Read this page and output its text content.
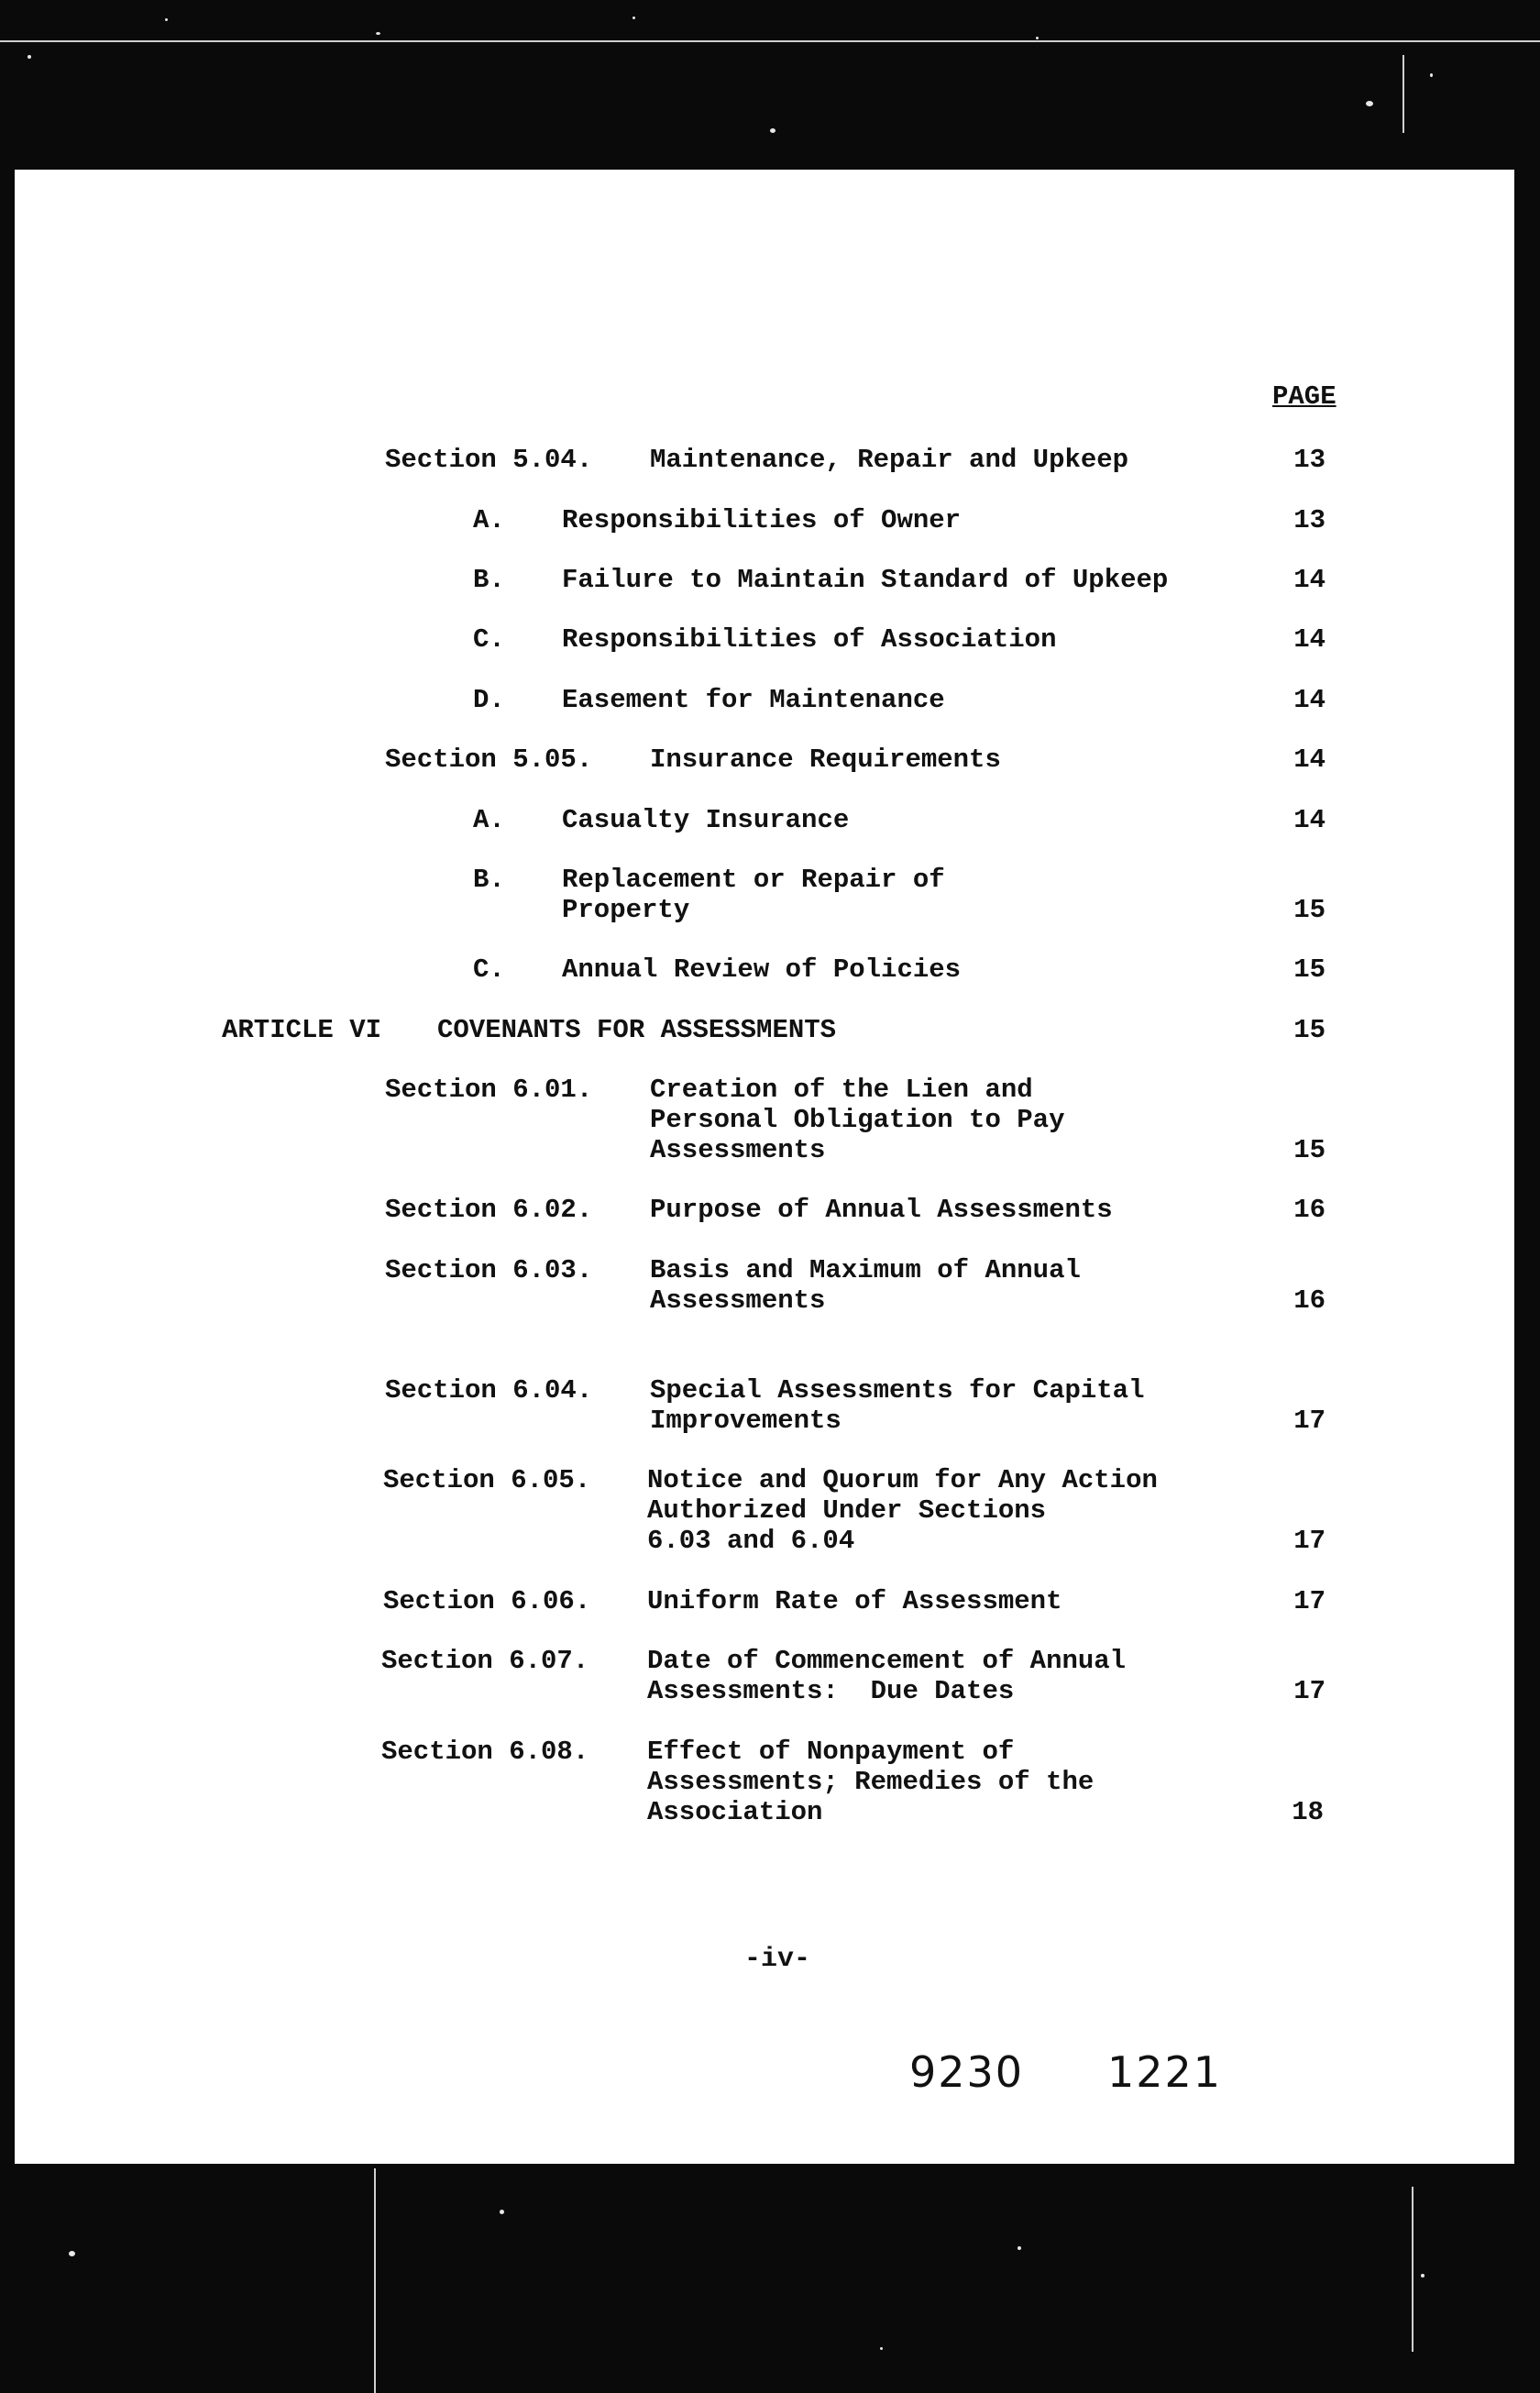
PAGE

Section 5.04. Maintenance, Repair and Upkeep	13

A. Responsibilities of Owner	13

B. Failure to Maintain Standard of Upkeep	14

C. Responsibilities of Association	14

D. Easement for Maintenance	14

Section 5.05. Insurance Requirements	14

A. Casualty Insurance	14

B. Replacement or Repair of

Property	15

C. Annual Review of Policies	15

ARTICLE VI COVENANTS FOR ASSESSMENTS	15

Section 6.01. Creation of the Lien and

Personal Obligation to Pay

Assessments	15

Section 6.02. Purpose of Annual Assessments	16

Section 6.03. Basis and Maximum of Annual

Assessments	16

Section 6.04. Special Assessments for Capital

Improvements	17

Section 6.05. Notice and Quorum for Any Action

Authorized Under Sections

6.03 and 6.04	17

Section 6.06. Uniform Rate of Assessment	17

Section 6.07. Date of Commencement of Annual

Assessments:  Due Dates	17

Section 6.08. Effect of Nonpayment of

Assessments; Remedies of the

Association	18

-iv-

9230 1221
